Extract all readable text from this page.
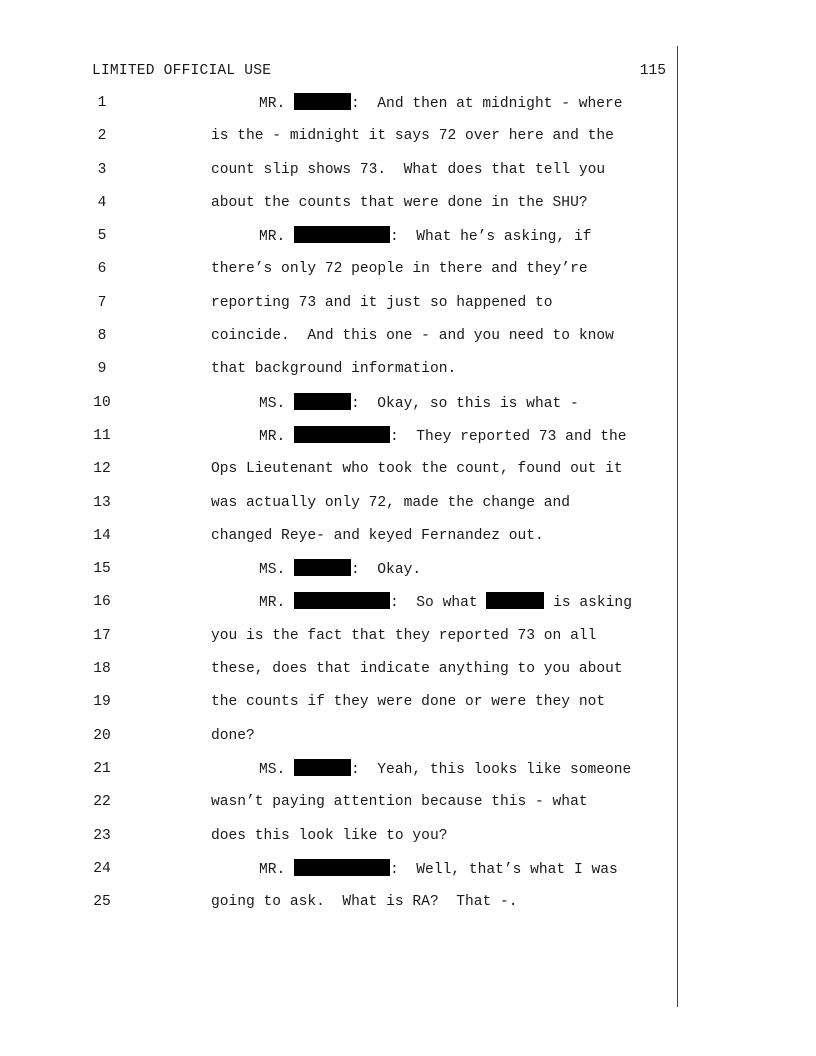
LIMITED OFFICIAL USE	115
1	MR.	:  And then at midnight - where
2	is the - midnight it says 72 over here and the
3	count slip shows 73.  What does that tell you
4	about the counts that were done in the SHU?
5	MR.	:  What he’s asking, if
6	there’s only 72 people in there and they’re
7	reporting 73 and it just so happened to
8	coincide.  And this one - and you need to know
9	that background information.
10	MS.	:  Okay, so this is what -
11	MR.	:  They reported 73 and the
12	Ops Lieutenant who took the count, found out it
13	was actually only 72, made the change and
14	changed Reye- and keyed Fernandez out.
15	MS.	:  Okay.
16	MR.	:  So what	is asking
17	you is the fact that they reported 73 on all
18	these, does that indicate anything to you about
19	the counts if they were done or were they not
20	done?
21	MS.	:  Yeah, this looks like someone
22	wasn’t paying attention because this - what
23	does this look like to you?
24	MR.	:  Well, that’s what I was
25	going to ask.  What is RA?  That -.
